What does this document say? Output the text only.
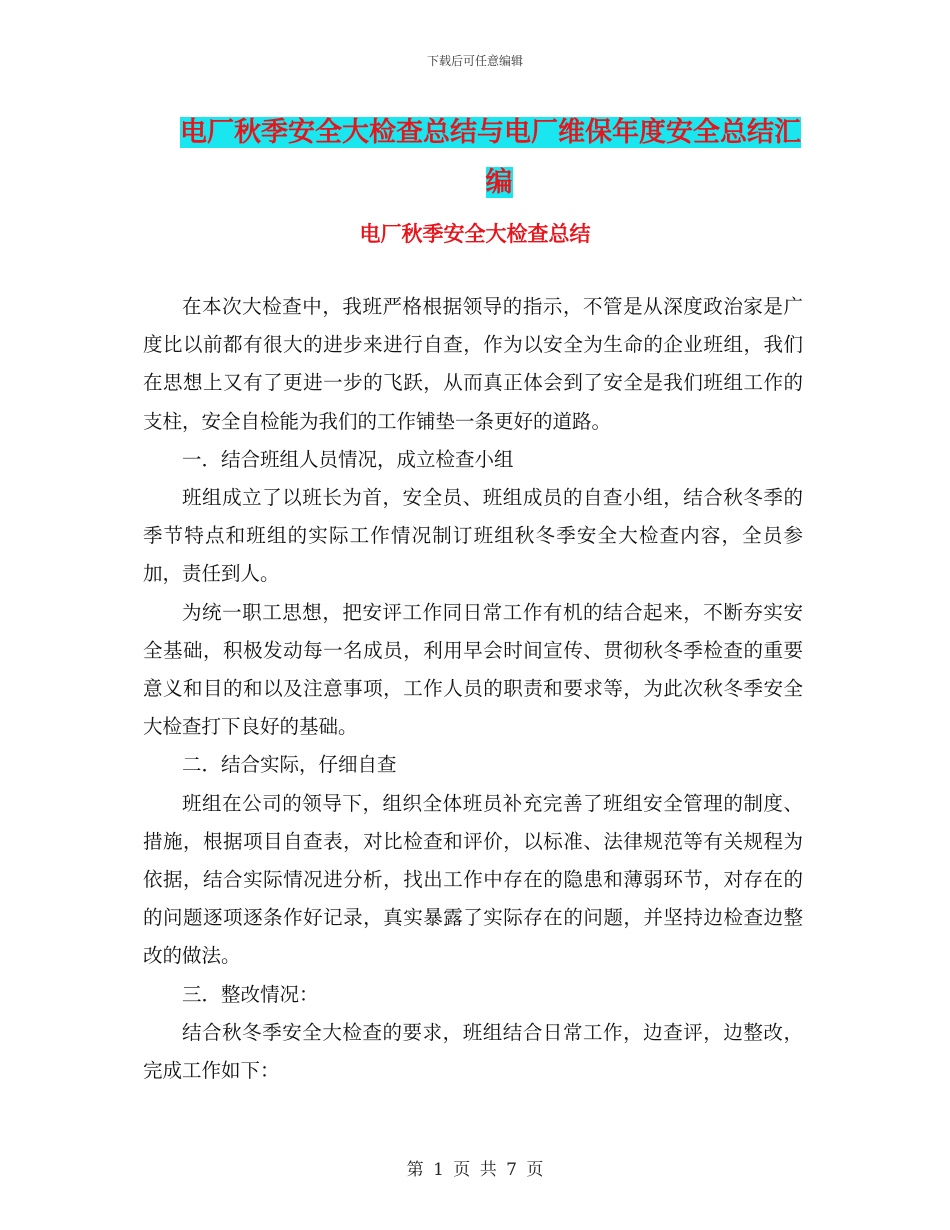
下载后可任意编辑
电厂秋季安全大检查总结与电厂维保年度安全总结汇
编
电厂秋季安全大检查总结

在本次大检查中，我班严格根据领导的指示，不管是从深度政治家是广度比以前都有很大的进步来进行自查，作为以安全为生命的企业班组，我们在思想上又有了更进一步的飞跃，从而真正体会到了安全是我们班组工作的支柱，安全自检能为我们的工作铺垫一条更好的道路。

一．结合班组人员情况，成立检查小组

班组成立了以班长为首，安全员、班组成员的自查小组，结合秋冬季的季节特点和班组的实际工作情况制订班组秋冬季安全大检查内容，全员参加，责任到人。

为统一职工思想，把安评工作同日常工作有机的结合起来，不断夯实安全基础，积极发动每一名成员，利用早会时间宣传、贯彻秋冬季检查的重要意义和目的和以及注意事项，工作人员的职责和要求等，为此次秋冬季安全大检查打下良好的基础。

二．结合实际，仔细自查

班组在公司的领导下，组织全体班员补充完善了班组安全管理的制度、措施，根据项目自查表，对比检查和评价，以标准、法律规范等有关规程为依据，结合实际情况进分析，找出工作中存在的隐患和薄弱环节，对存在的的问题逐项逐条作好记录，真实暴露了实际存在的问题，并坚持边检查边整改的做法。

三．整改情况：

结合秋冬季安全大检查的要求，班组结合日常工作，边查评，边整改，完成工作如下：

第 1 页 共 7 页
